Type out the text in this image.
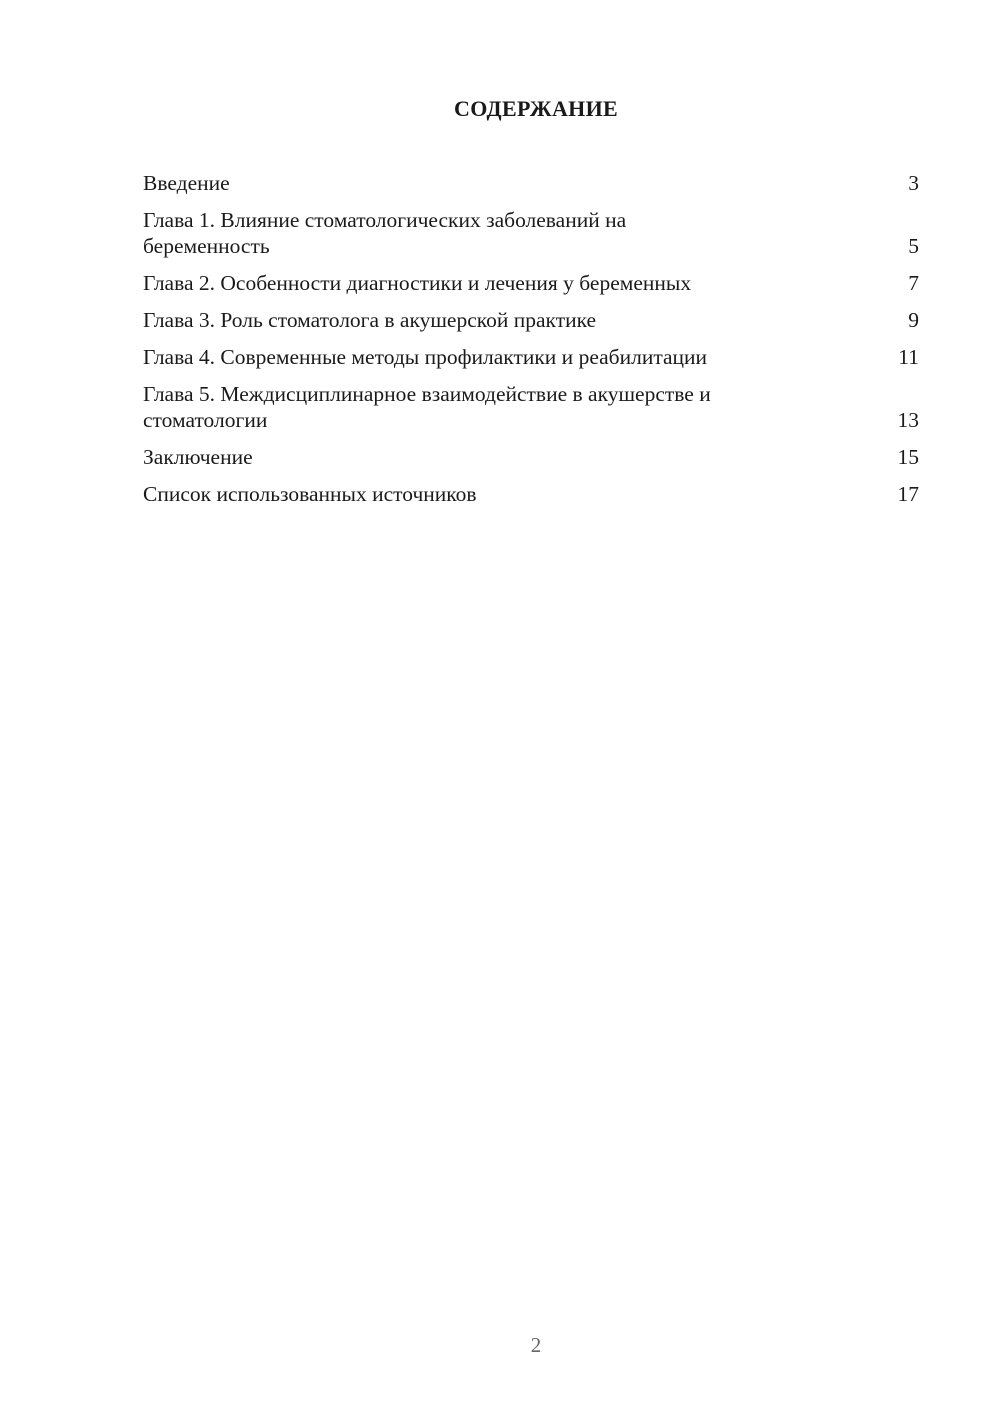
СОДЕРЖАНИЕ
Введение	3
Глава 1. Влияние стоматологических заболеваний на
беременность	5
Глава 2. Особенности диагностики и лечения у беременных	7
Глава 3. Роль стоматолога в акушерской практике	9
Глава 4. Современные методы профилактики и реабилитации	11
Глава 5. Междисциплинарное взаимодействие в акушерстве и
стоматологии	13
Заключение	15
Список использованных источников	17
2
